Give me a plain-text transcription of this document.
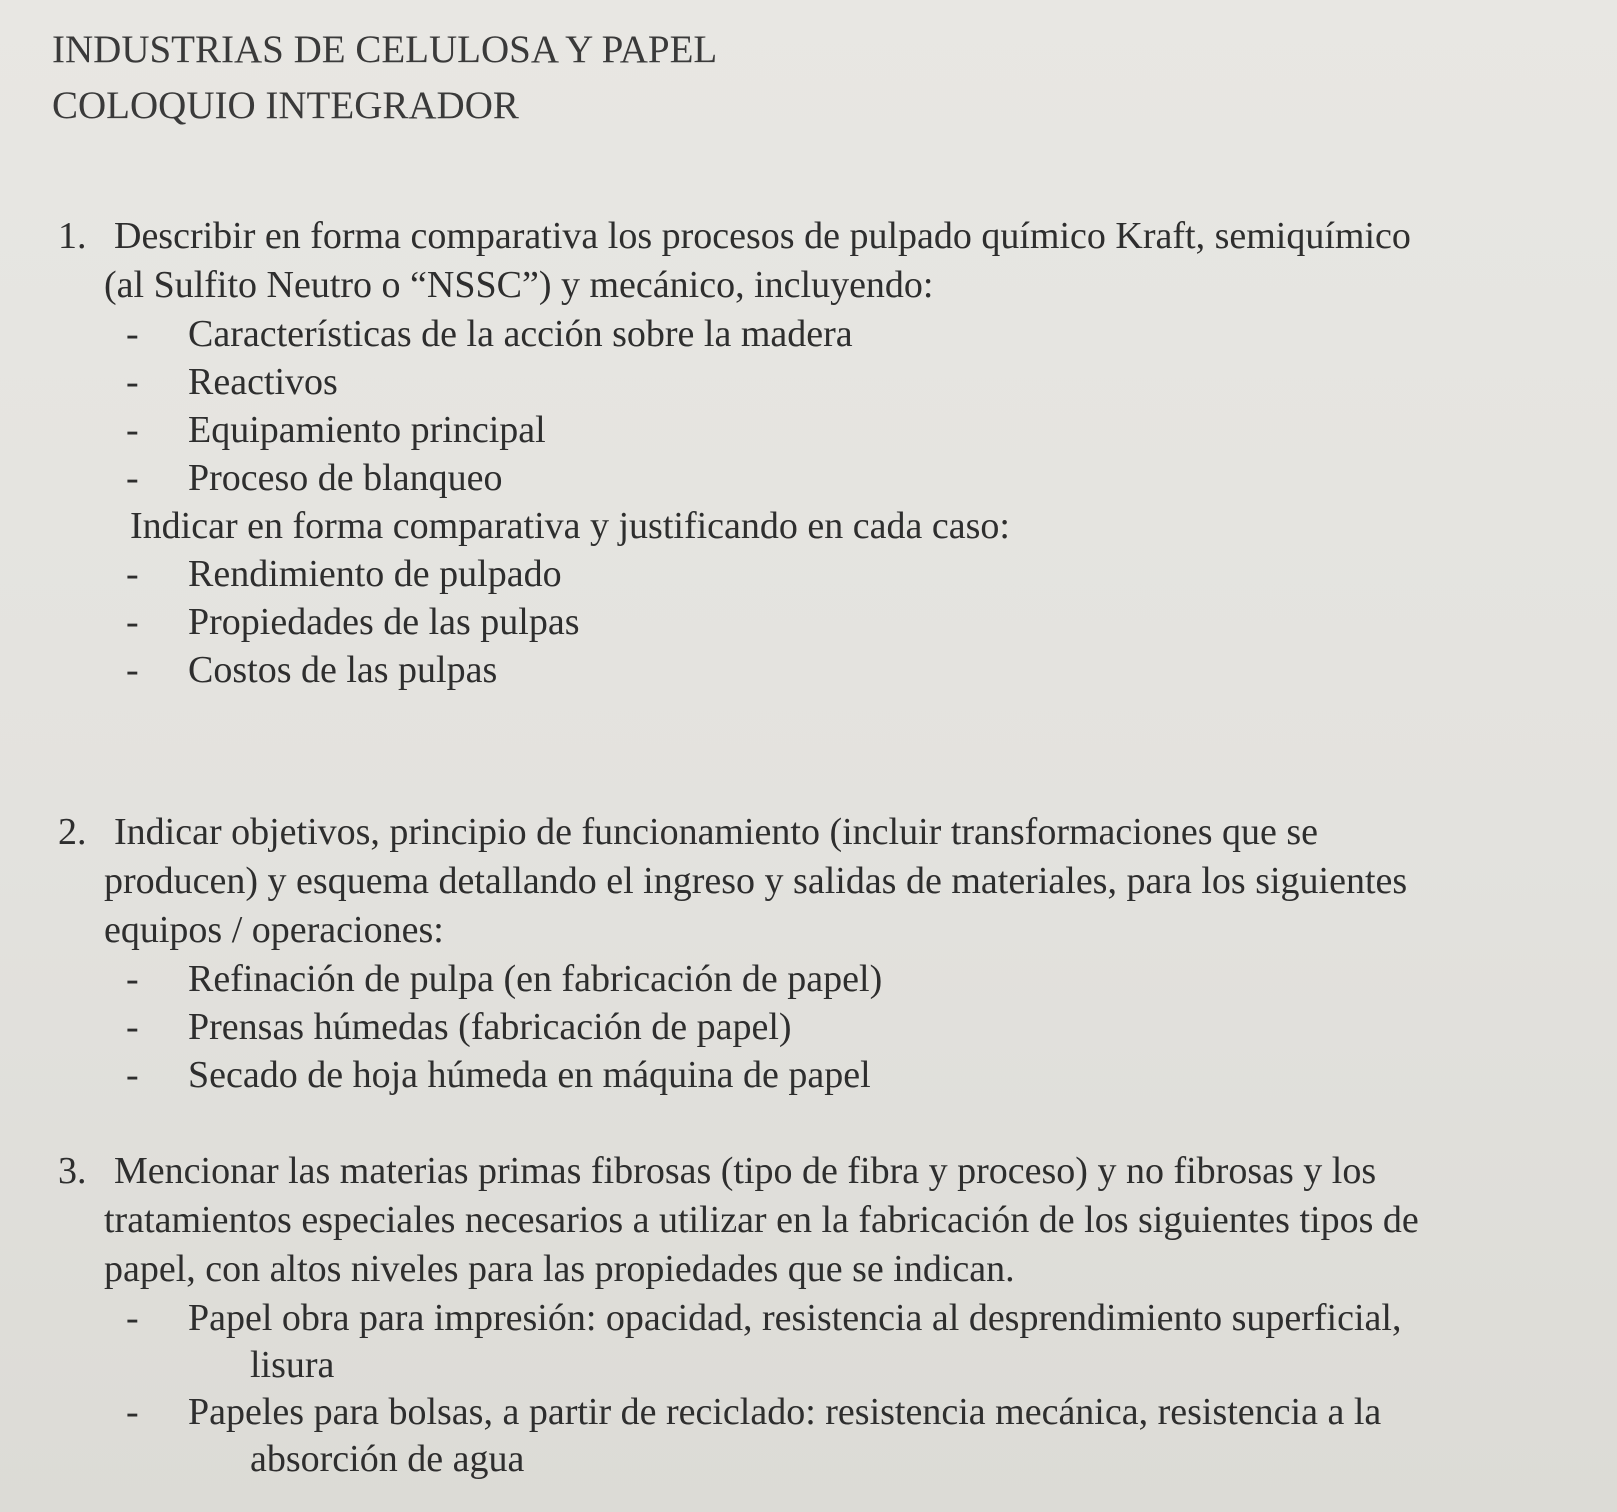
INDUSTRIAS DE CELULOSA Y PAPEL
COLOQUIO INTEGRADOR
1. Describir en forma comparativa los procesos de pulpado químico Kraft, semiquímico
(al Sulfito Neutro o “NSSC”) y mecánico, incluyendo:
- Características de la acción sobre la madera
- Reactivos
- Equipamiento principal
- Proceso de blanqueo
Indicar en forma comparativa y justificando en cada caso:
- Rendimiento de pulpado
- Propiedades de las pulpas
- Costos de las pulpas
2. Indicar objetivos, principio de funcionamiento (incluir transformaciones que se
producen) y esquema detallando el ingreso y salidas de materiales, para los siguientes
equipos / operaciones:
- Refinación de pulpa (en fabricación de papel)
- Prensas húmedas (fabricación de papel)
- Secado de hoja húmeda en máquina de papel
3. Mencionar las materias primas fibrosas (tipo de fibra y proceso) y no fibrosas y los
tratamientos especiales necesarios a utilizar en la fabricación de los siguientes tipos de
papel, con altos niveles para las propiedades que se indican.
- Papel obra para impresión: opacidad, resistencia al desprendimiento superficial,
lisura
- Papeles para bolsas, a partir de reciclado: resistencia mecánica, resistencia a la
absorción de agua
